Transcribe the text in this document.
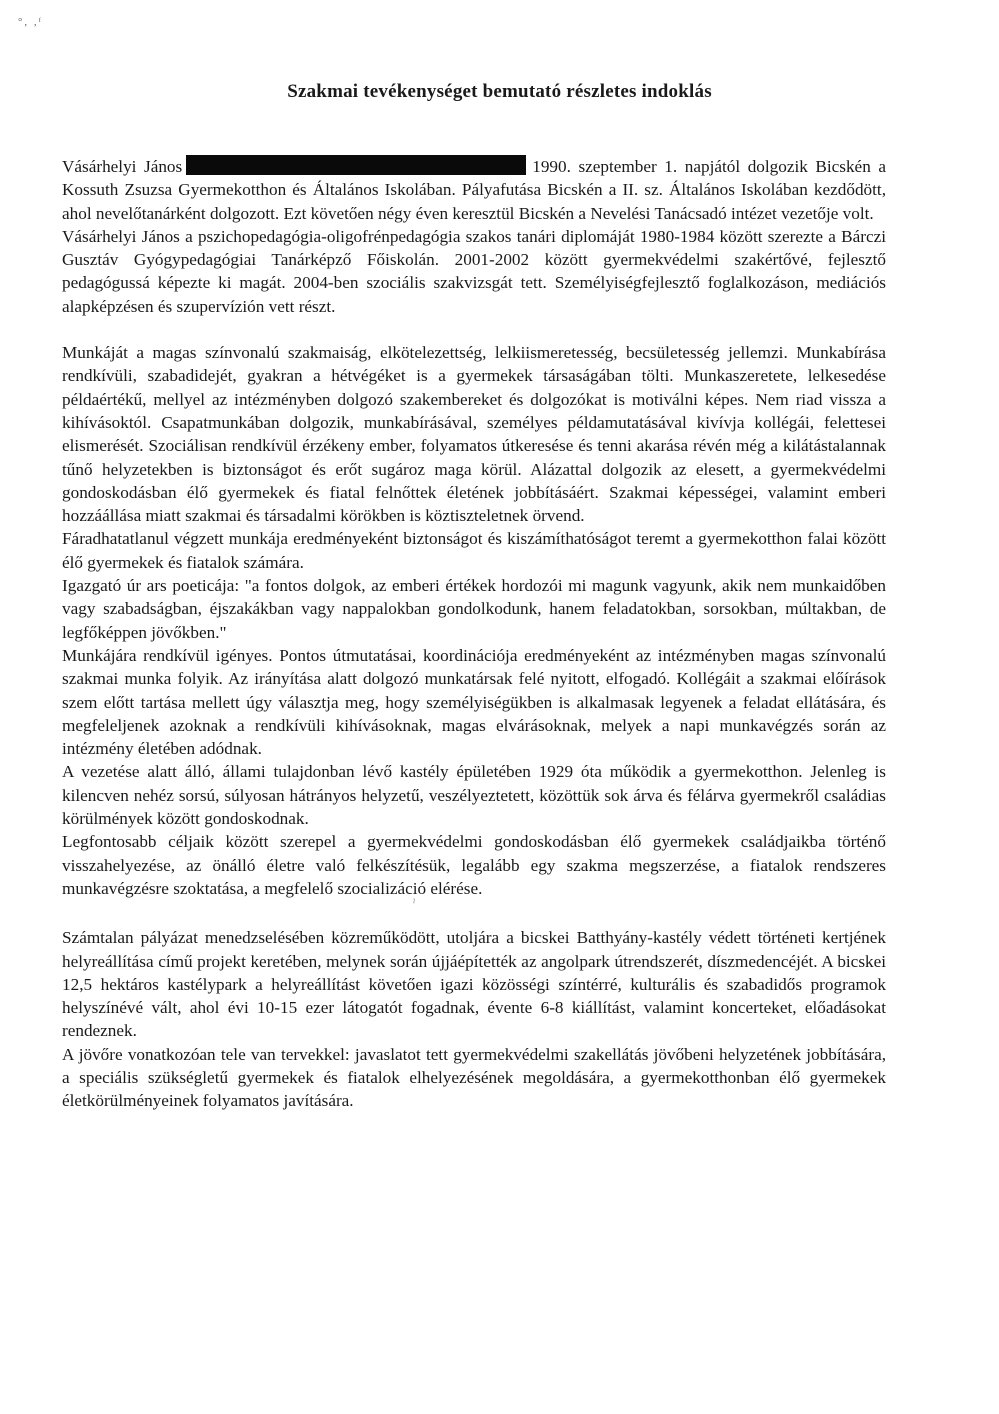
°, ,ᶠ
Szakmai tevékenységet bemutató részletes indoklás

Vásárhelyi János	1990. szeptember 1. napjától dolgozik Bicskén a Kossuth Zsuzsa Gyermekotthon és Általános Iskolában. Pályafutása Bicskén a II. sz. Általános Iskolában kezdődött, ahol nevelőtanárként dolgozott. Ezt követően négy éven keresztül Bicskén a Nevelési Tanácsadó intézet vezetője volt.

Vásárhelyi János a pszichopedagógia-oligofrénpedagógia szakos tanári diplomáját 1980-1984 között szerezte a Bárczi Gusztáv Gyógypedagógiai Tanárképző Főiskolán. 2001-2002 között gyermekvédelmi szakértővé, fejlesztő pedagógussá képezte ki magát. 2004-ben szociális szakvizsgát tett. Személyiségfejlesztő foglalkozáson, mediációs alapképzésen és szupervízión vett részt.

Munkáját a magas színvonalú szakmaiság, elkötelezettség, lelkiismeretesség, becsületesség jellemzi. Munkabírása rendkívüli, szabadidejét, gyakran a hétvégéket is a gyermekek társaságában tölti. Munkaszeretete, lelkesedése példaértékű, mellyel az intézményben dolgozó szakembereket és dolgozókat is motiválni képes. Nem riad vissza a kihívásoktól. Csapatmunkában dolgozik, munkabírásával, személyes példamutatásával kivívja kollégái, felettesei elismerését. Szociálisan rendkívül érzékeny ember, folyamatos útkeresése és tenni akarása révén még a kilátástalannak tűnő helyzetekben is biztonságot és erőt sugároz maga körül. Alázattal dolgozik az elesett, a gyermekvédelmi gondoskodásban élő gyermekek és fiatal felnőttek életének jobbításáért. Szakmai képességei, valamint emberi hozzáállása miatt szakmai és társadalmi körökben is köztiszteletnek örvend.

Fáradhatatlanul végzett munkája eredményeként biztonságot és kiszámíthatóságot teremt a gyermekotthon falai között élő gyermekek és fiatalok számára.

Igazgató úr ars poeticája: "a fontos dolgok, az emberi értékek hordozói mi magunk vagyunk, akik nem munkaidőben vagy szabadságban, éjszakákban vagy nappalokban gondolkodunk, hanem feladatokban, sorsokban, múltakban, de legfőképpen jövőkben."

Munkájára rendkívül igényes. Pontos útmutatásai, koordinációja eredményeként az intézményben magas színvonalú szakmai munka folyik. Az irányítása alatt dolgozó munkatársak felé nyitott, elfogadó. Kollégáit a szakmai előírások szem előtt tartása mellett úgy választja meg, hogy személyiségükben is alkalmasak legyenek a feladat ellátására, és megfeleljenek azoknak a rendkívüli kihívásoknak, magas elvárásoknak, melyek a napi munkavégzés során az intézmény életében adódnak.

A vezetése alatt álló, állami tulajdonban lévő kastély épületében 1929 óta működik a gyermekotthon. Jelenleg is kilencven nehéz sorsú, súlyosan hátrányos helyzetű, veszélyeztetett, közöttük sok árva és félárva gyermekről családias körülmények között gondoskodnak.

Legfontosabb céljaik között szerepel a gyermekvédelmi gondoskodásban élő gyermekek családjaikba történő visszahelyezése, az önálló életre való felkészítésük, legalább egy szakma megszerzése, a fiatalok rendszeres munkavégzésre szoktatása, a megfelelő szocializáció elérése.

ˀ

Számtalan pályázat menedzselésében közreműködött, utoljára a bicskei Batthyány-kastély védett történeti kertjének helyreállítása című projekt keretében, melynek során újjáépítették az angolpark útrendszerét, díszmedencéjét. A bicskei 12,5 hektáros kastélypark a helyreállítást követően igazi közösségi színtérré, kulturális és szabadidős programok helyszínévé vált, ahol évi 10-15 ezer látogatót fogadnak, évente 6-8 kiállítást, valamint koncerteket, előadásokat rendeznek.

A jövőre vonatkozóan tele van tervekkel: javaslatot tett gyermekvédelmi szakellátás jövőbeni helyzetének jobbítására, a speciális szükségletű gyermekek és fiatalok elhelyezésének megoldására, a gyermekotthonban élő gyermekek életkörülményeinek folyamatos javítására.
